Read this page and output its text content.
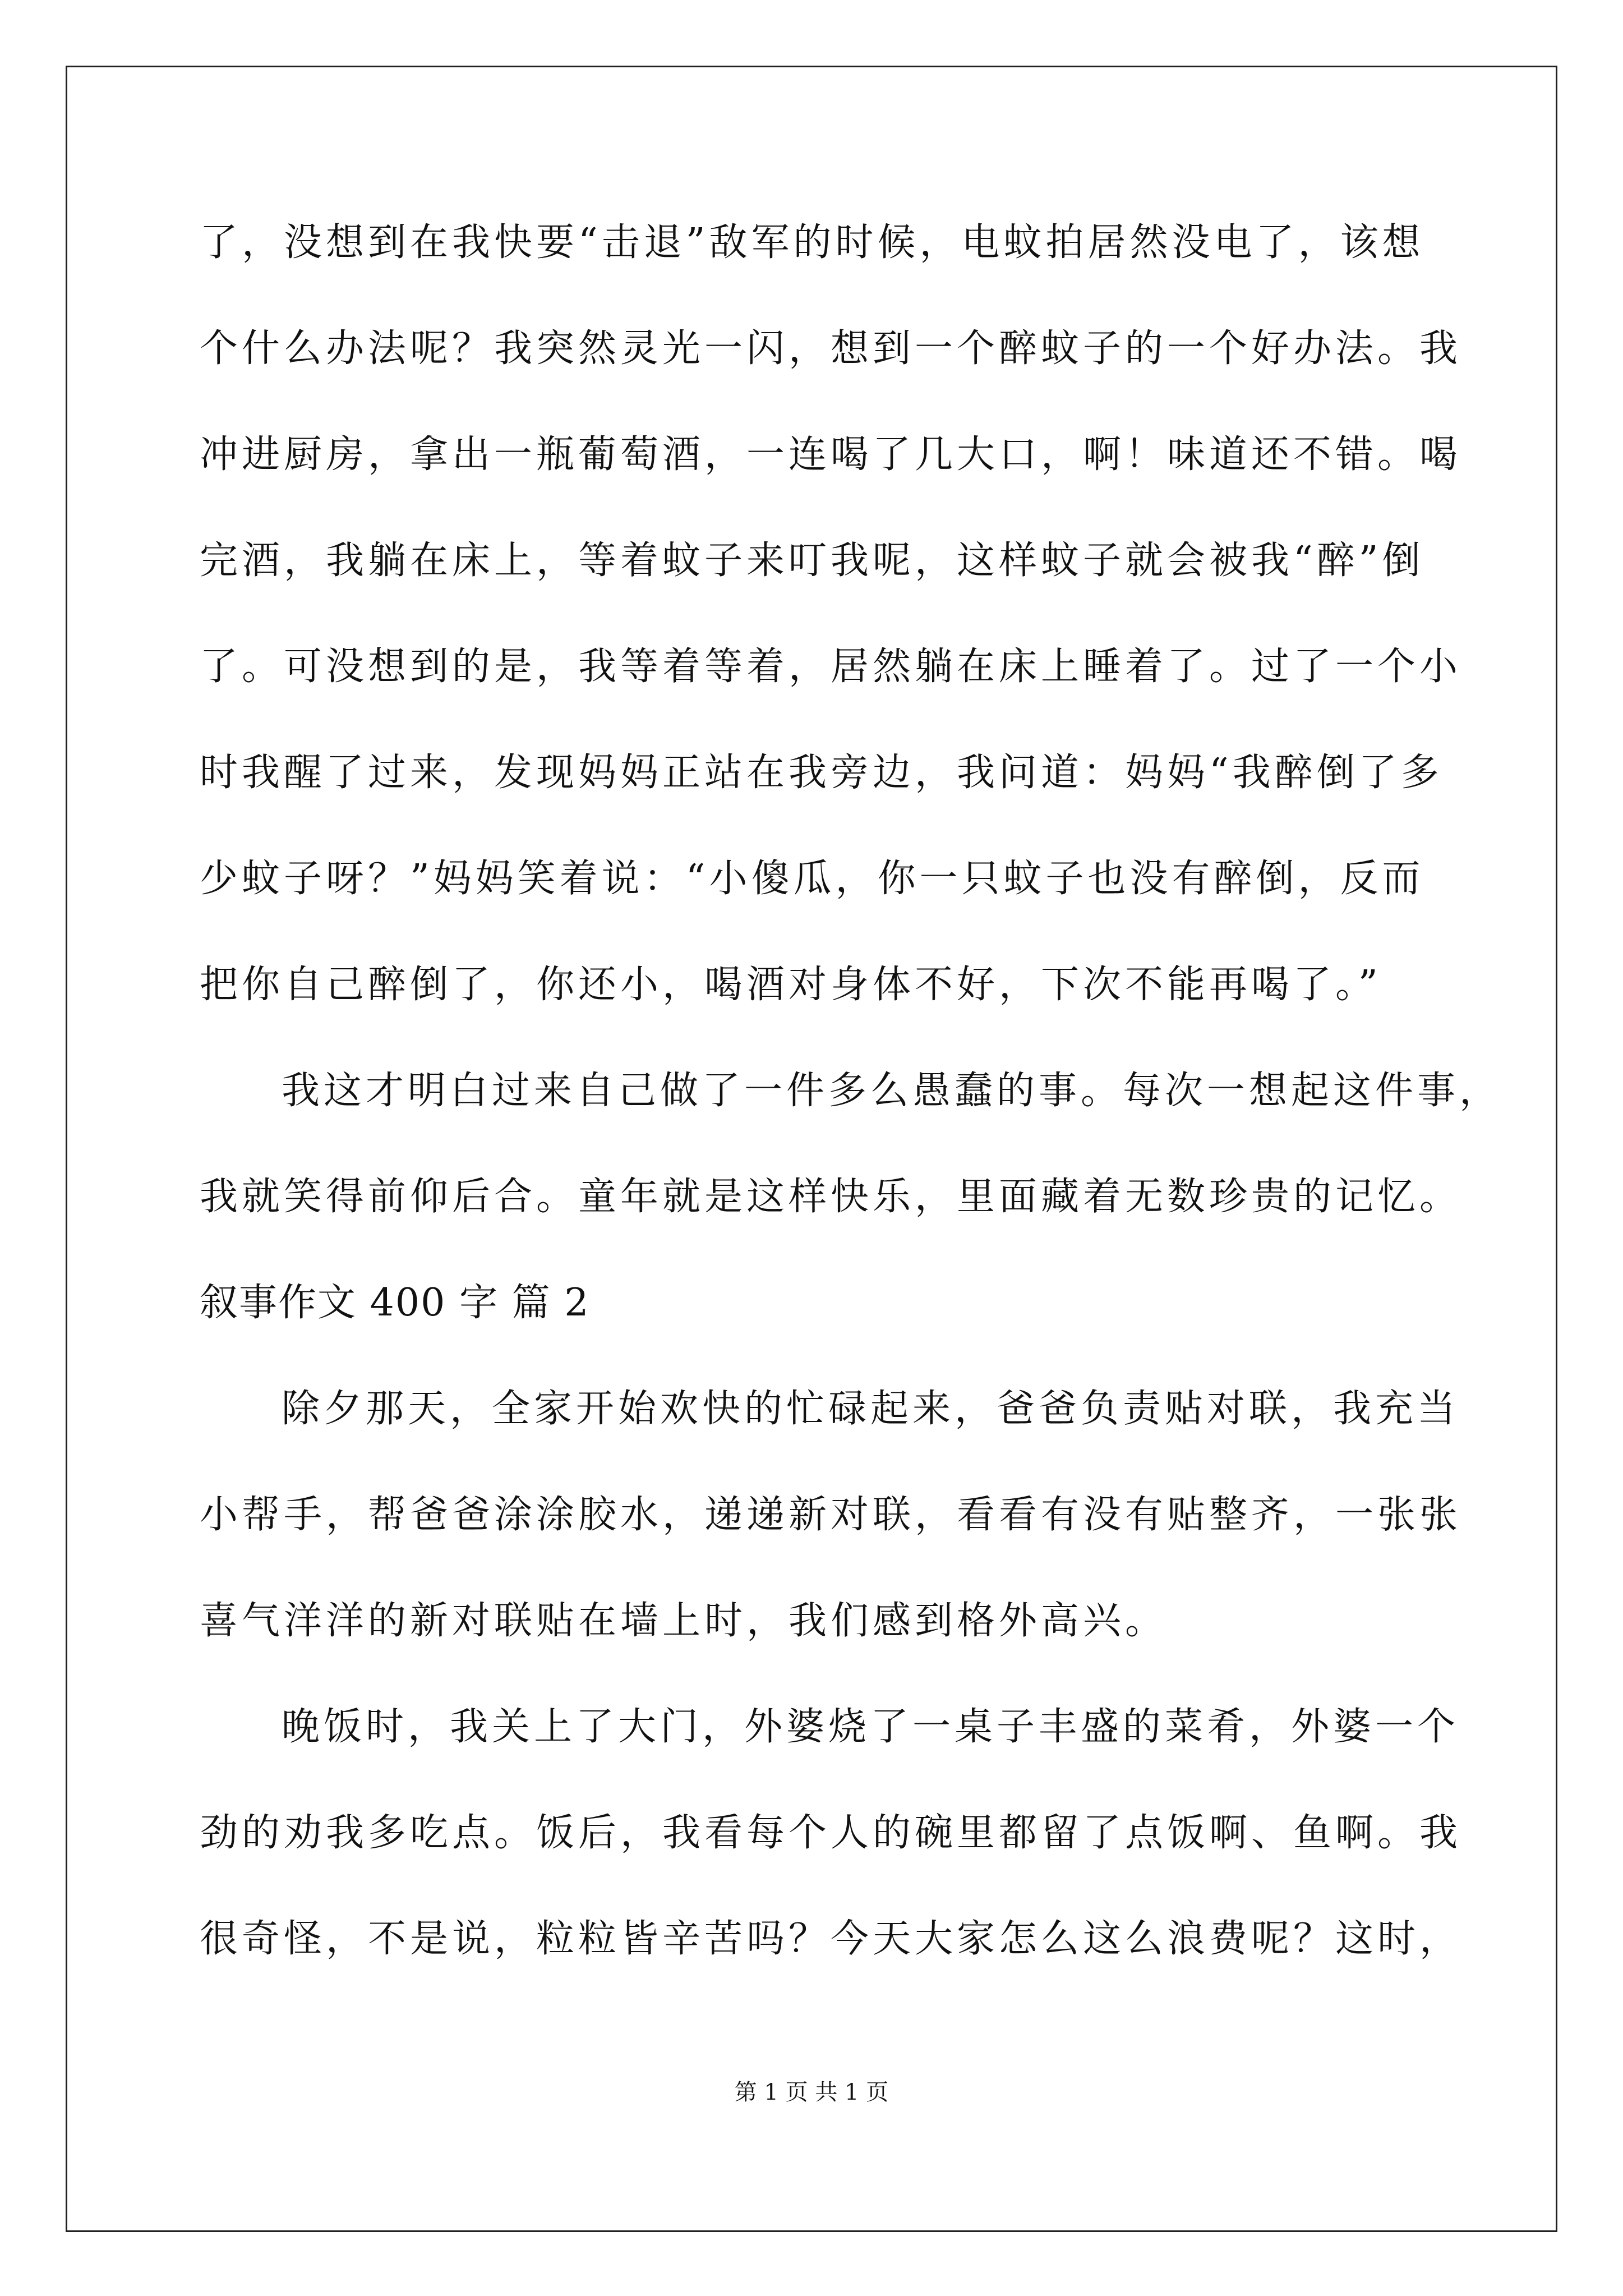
了，没想到在我快要“击退”敌军的时候，电蚊拍居然没电了，该想
个什么办法呢？我突然灵光一闪，想到一个醉蚊子的一个好办法。我
冲进厨房，拿出一瓶葡萄酒，一连喝了几大口，啊！味道还不错。喝
完酒，我躺在床上，等着蚊子来叮我呢，这样蚊子就会被我“醉”倒
了。可没想到的是，我等着等着，居然躺在床上睡着了。过了一个小
时我醒了过来，发现妈妈正站在我旁边，我问道：妈妈“我醉倒了多
少蚊子呀？”妈妈笑着说：“小傻瓜，你一只蚊子也没有醉倒，反而
把你自己醉倒了，你还小，喝酒对身体不好，下次不能再喝了。”
我这才明白过来自己做了一件多么愚蠢的事。每次一想起这件事，
我就笑得前仰后合。童年就是这样快乐，里面藏着无数珍贵的记忆。
叙事作文 400 字 篇 2
除夕那天，全家开始欢快的忙碌起来，爸爸负责贴对联，我充当
小帮手，帮爸爸涂涂胶水，递递新对联，看看有没有贴整齐，一张张
喜气洋洋的新对联贴在墙上时，我们感到格外高兴。
晚饭时，我关上了大门，外婆烧了一桌子丰盛的菜肴，外婆一个
劲的劝我多吃点。饭后，我看每个人的碗里都留了点饭啊、鱼啊。我
很奇怪，不是说，粒粒皆辛苦吗？今天大家怎么这么浪费呢？这时，
第 1 页 共 1 页
